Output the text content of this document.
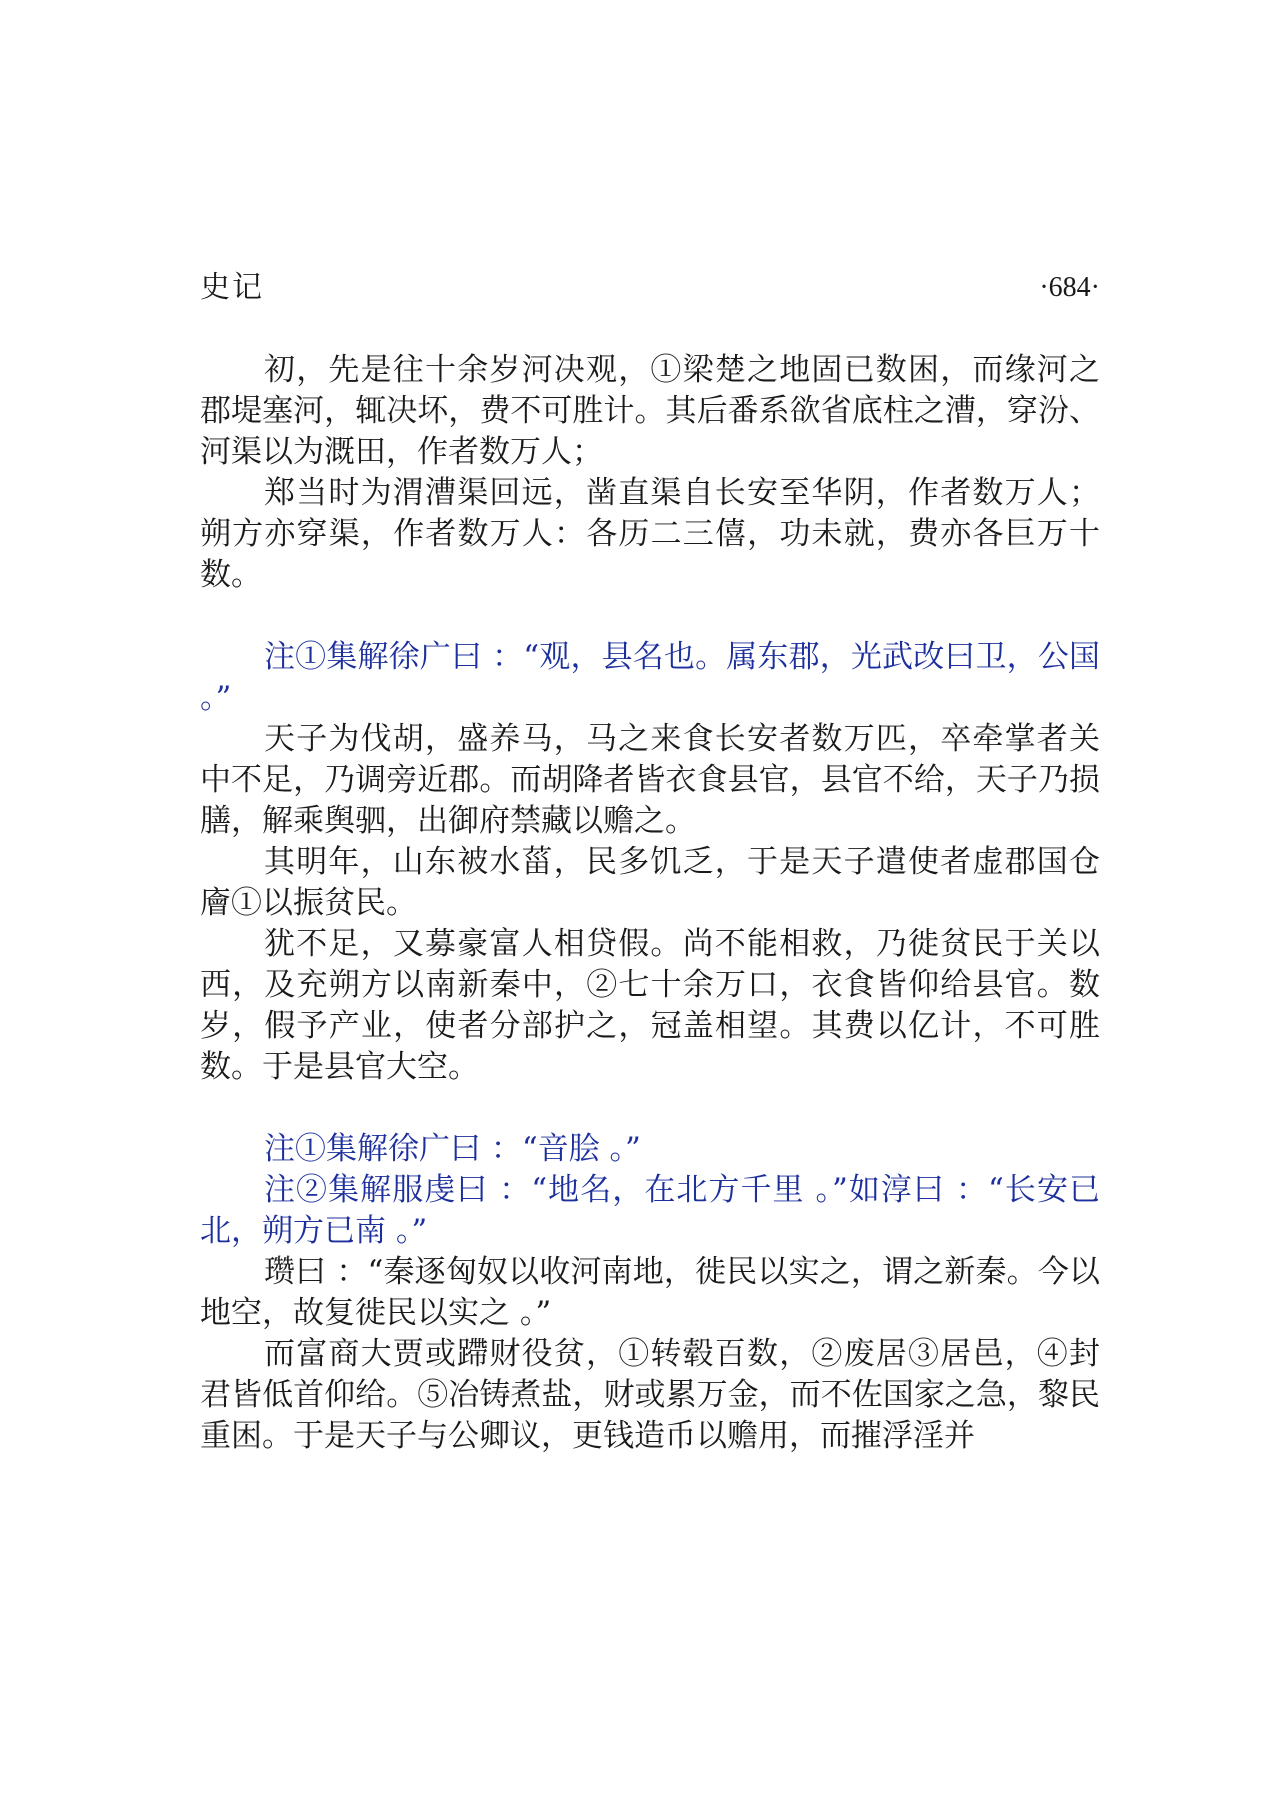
史记	·684·

初，先是往十余岁河决观，①梁楚之地固已数困，而缘河之郡堤塞河，辄决坏，费不可胜计。其后番系欲省底柱之漕，穿汾、河渠以为溉田，作者数万人；

郑当时为渭漕渠回远，凿直渠自长安至华阴，作者数万人；朔方亦穿渠，作者数万人：各历二三僖，功未就，费亦各巨万十数。

注①集解徐广曰 ：“观，县名也。属东郡，光武改曰卫，公国 。”

天子为伐胡，盛养马，马之来食长安者数万匹，卒牵掌者关中不足，乃调旁近郡。而胡降者皆衣食县官，县官不给，天子乃损膳，解乘舆驷，出御府禁藏以赡之。

其明年，山东被水菑，民多饥乏，于是天子遣使者虚郡国仓廥①以振贫民。

犹不足，又募豪富人相贷假。尚不能相救，乃徙贫民于关以西，及充朔方以南新秦中，②七十余万口，衣食皆仰给县官。数岁，假予产业，使者分部护之，冠盖相望。其费以亿计，不可胜数。于是县官大空。

注①集解徐广曰 ：“音脍 。”

注②集解服虔曰 ：“地名，在北方千里 。”如淳曰 ：“长安已北，朔方已南 。”

瓒曰 ：“秦逐匈奴以收河南地，徙民以实之，谓之新秦。今以地空，故复徙民以实之 。”

而富商大贾或蹛财役贫，①转毂百数，②废居③居邑，④封君皆低首仰给。⑤冶铸煮盐，财或累万金，而不佐国家之急，黎民重困。于是天子与公卿议，更钱造币以赡用，而摧浮淫并
